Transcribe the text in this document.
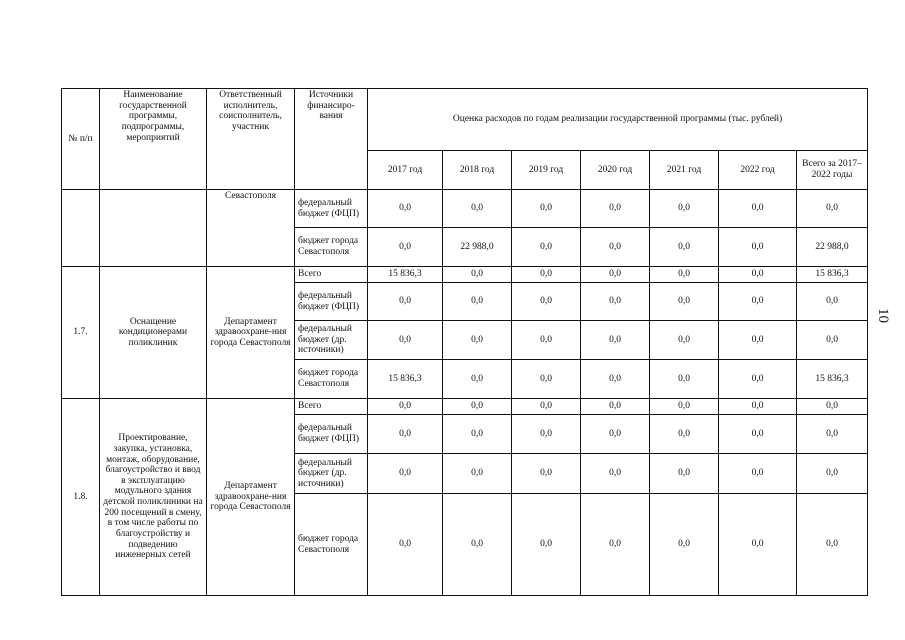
№ п/п	Наименование государственной программы, подпрограммы, мероприятий	Ответственный исполнитель, соисполнитель, участник	Источники финансиро-вания	Оценка расходов по годам реализации государственной программы (тыс. рублей)						
				2017 год	2018 год	2019 год	2020 год	2021 год	2022 год	Всего за 2017–2022 годы
		Севастополя	федеральный бюджет (ФЦП)	0,0	0,0	0,0	0,0	0,0	0,0	0,0
			бюджет города Севастополя	0,0	22 988,0	0,0	0,0	0,0	0,0	22 988,0
1.7.	Оснащение кондиционерами поликлиник	Департамент здравоохране-ния города Севастополя	Всего	15 836,3	0,0	0,0	0,0	0,0	0,0	15 836,3
			федеральный бюджет (ФЦП)	0,0	0,0	0,0	0,0	0,0	0,0	0,0
			федеральный бюджет (др. источники)	0,0	0,0	0,0	0,0	0,0	0,0	0,0
			бюджет города Севастополя	15 836,3	0,0	0,0	0,0	0,0	0,0	15 836,3
1.8.	Проектирование, закупка, установка, монтаж, оборудование, благоустройство и ввод в эксплуатацию модульного здания детской поликлиники на 200 посещений в смену, в том числе работы по благоустройству и подведению инженерных сетей	Департамент здравоохране-ния города Севастополя	Всего	0,0	0,0	0,0	0,0	0,0	0,0	0,0
			федеральный бюджет (ФЦП)	0,0	0,0	0,0	0,0	0,0	0,0	0,0
			федеральный бюджет (др. источники)	0,0	0,0	0,0	0,0	0,0	0,0	0,0
			бюджет города Севастополя	0,0	0,0	0,0	0,0	0,0	0,0	0,0
10
